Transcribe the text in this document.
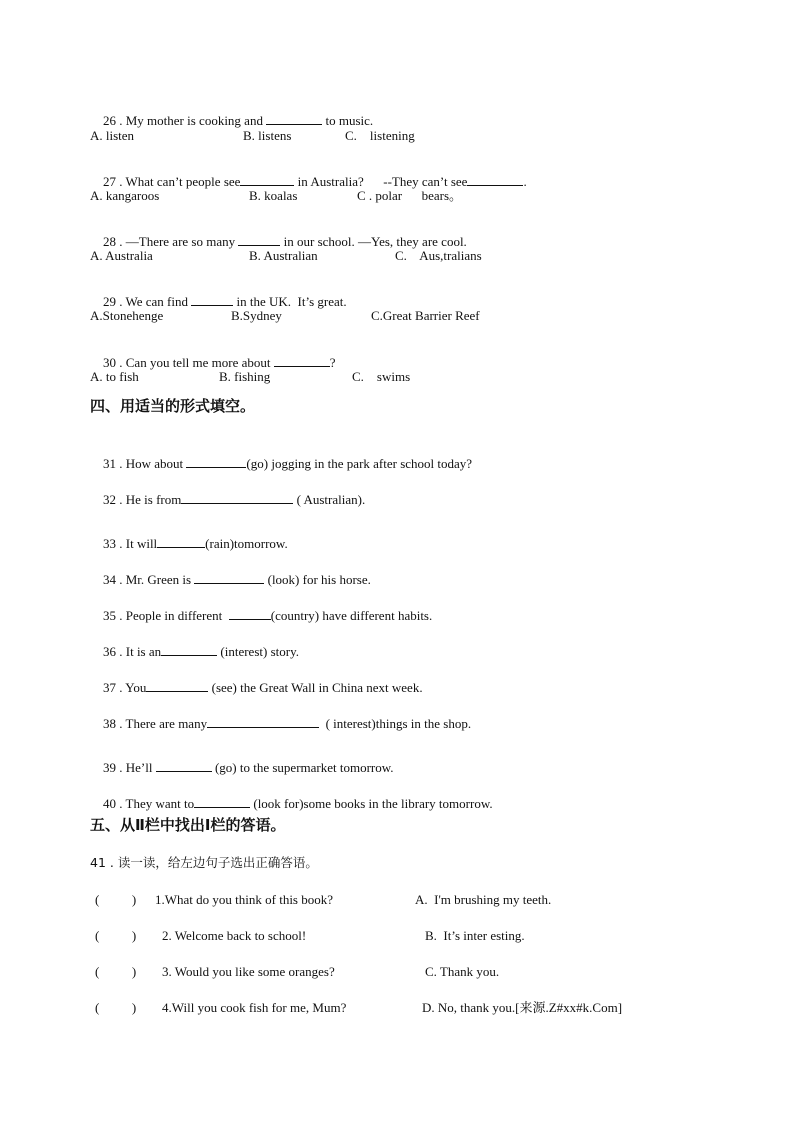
26 . My mother is cooking and	to music.

A. listen	B. listens	C.    listening

27 . What can’t people see	in Australia?      --They can’t see	.

A. kangaroos	B. koalas	C . polar      bears。

28 . —There are so many	in our school. —Yes, they are cool.

A. Australia	B. Australian	C.    Aus,tralians

29 . We can find	in the UK.  It’s great.

A.Stonehenge	B.Sydney	C.Great Barrier Reef

30 . Can you tell me more about	?

A. to fish	B. fishing	C.    swims
四、用适当的形式填空。

31 . How about	(go) jogging in the park after school today?

32 . He is from	( Australian).

33 . It will	(rain)tomorrow.

34 . Mr. Green is	(look) for his horse.

35 . People in different	(country) have different habits.

36 . It is an	(interest) story.

37 . You	(see) the Great Wall in China next week.

38 . There are many	( interest)things in the shop.

39 . He’ll	(go) to the supermarket tomorrow.

40 . They want to	(look for)some books in the library tomorrow.

五、从Ⅱ栏中找出Ⅰ栏的答语。
41 . 读一读，给左边句子选出正确答语。
(          ) 1.What do you think of this book?	A.  I'm brushing my teeth.
(          ) 2. Welcome back to school!	B.  It’s inter esting.
(          ) 3. Would you like some oranges?	C. Thank you.
(          ) 4.Will you cook fish for me, Mum?	D. No, thank you.[来源.Z#xx#k.Com]
